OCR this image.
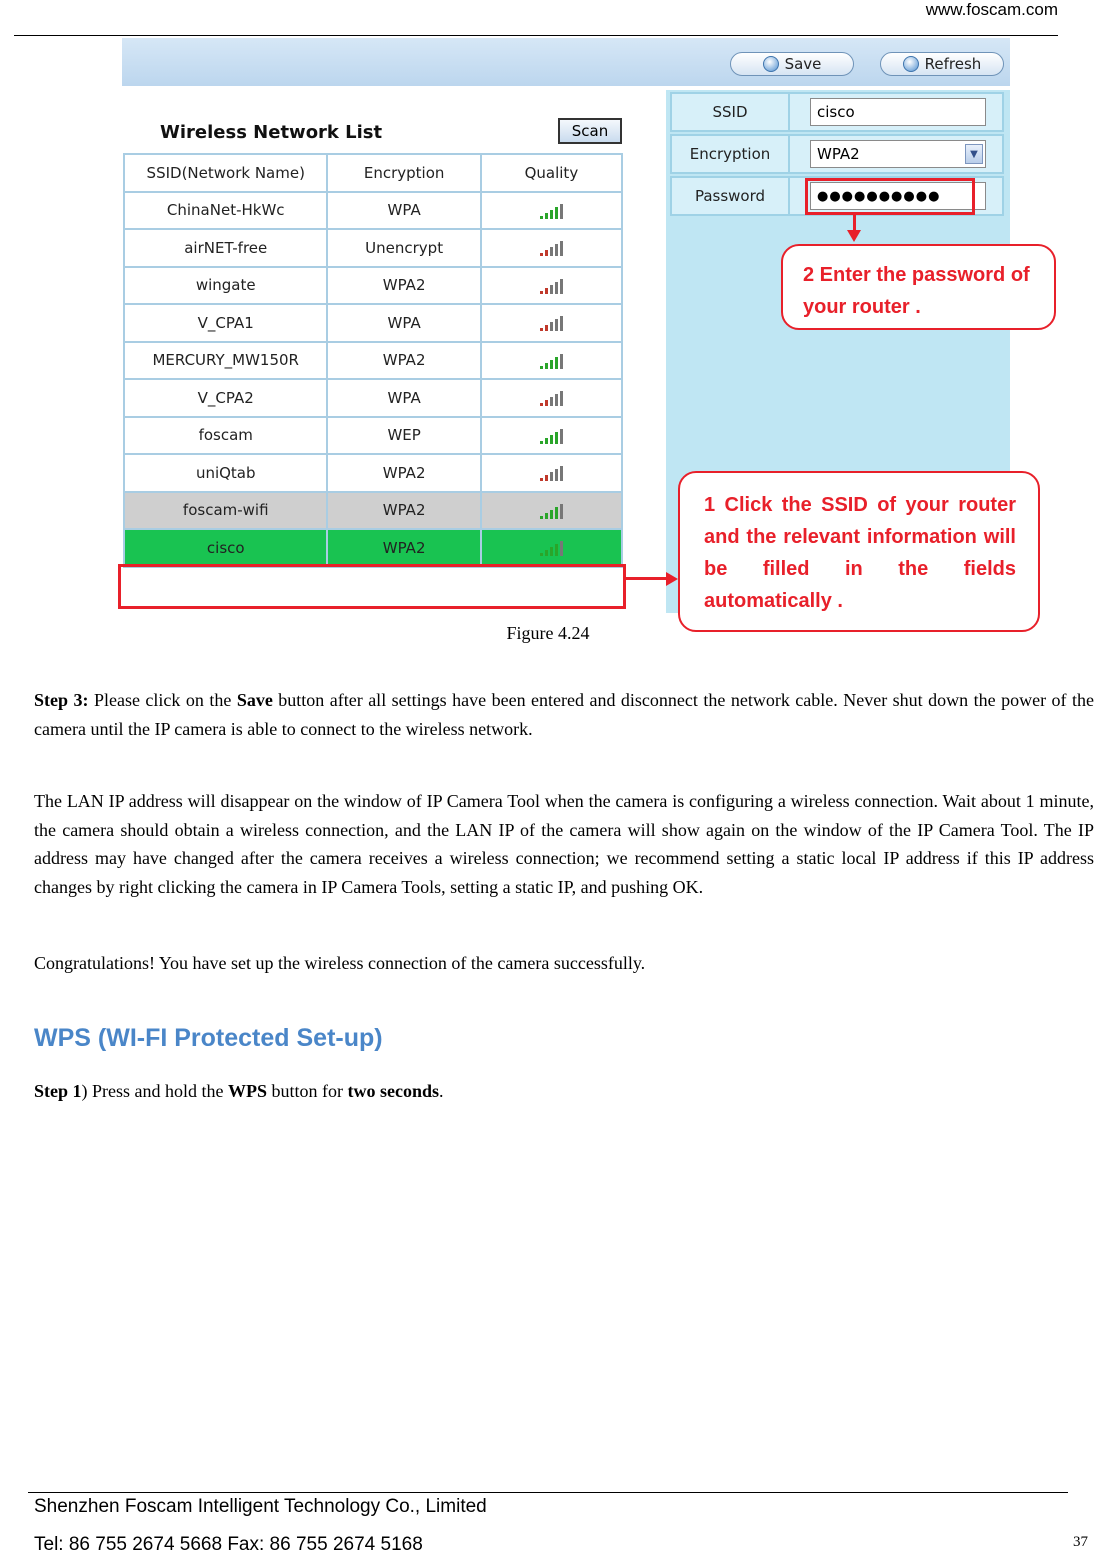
www.foscam.com
Save	Refresh
Wireless Network List	Scan
SSID(Network Name)	Encryption	Quality
ChinaNet-HkWc	WPA	

airNET-free	Unencrypt	

wingate	WPA2	

V_CPA1	WPA	

MERCURY_MW150R	WPA2	

V_CPA2	WPA	

foscam	WEP	

uniQtab	WPA2	

foscam-wifi	WPA2	

cisco	WPA2	
SSID	cisco
Encryption	WPA2	▼
Password	●●●●●●●●●●
2 Enter the password of your router .
1 Click the SSID of your router and the relevant information will be filled in the fields automatically .
Figure 4.24
Step 3: Please click on the Save button after all settings have been entered and disconnect the network cable. Never shut down the power of the camera until the IP camera is able to connect to the wireless network.
The LAN IP address will disappear on the window of IP Camera Tool when the camera is configuring a wireless connection. Wait about 1 minute, the camera should obtain a wireless connection, and the LAN IP of the camera will show again on the window of the IP Camera Tool. The IP address may have changed after the camera receives a wireless connection; we recommend setting a static local IP address if this IP address changes by right clicking the camera in IP Camera Tools, setting a static IP, and pushing OK.
Congratulations! You have set up the wireless connection of the camera successfully.
WPS (WI-FI Protected Set-up)
Step 1) Press and hold the WPS button for two seconds.
Shenzhen Foscam Intelligent Technology Co., Limited
Tel: 86 755 2674 5668 Fax: 86 755 2674 5168	37
